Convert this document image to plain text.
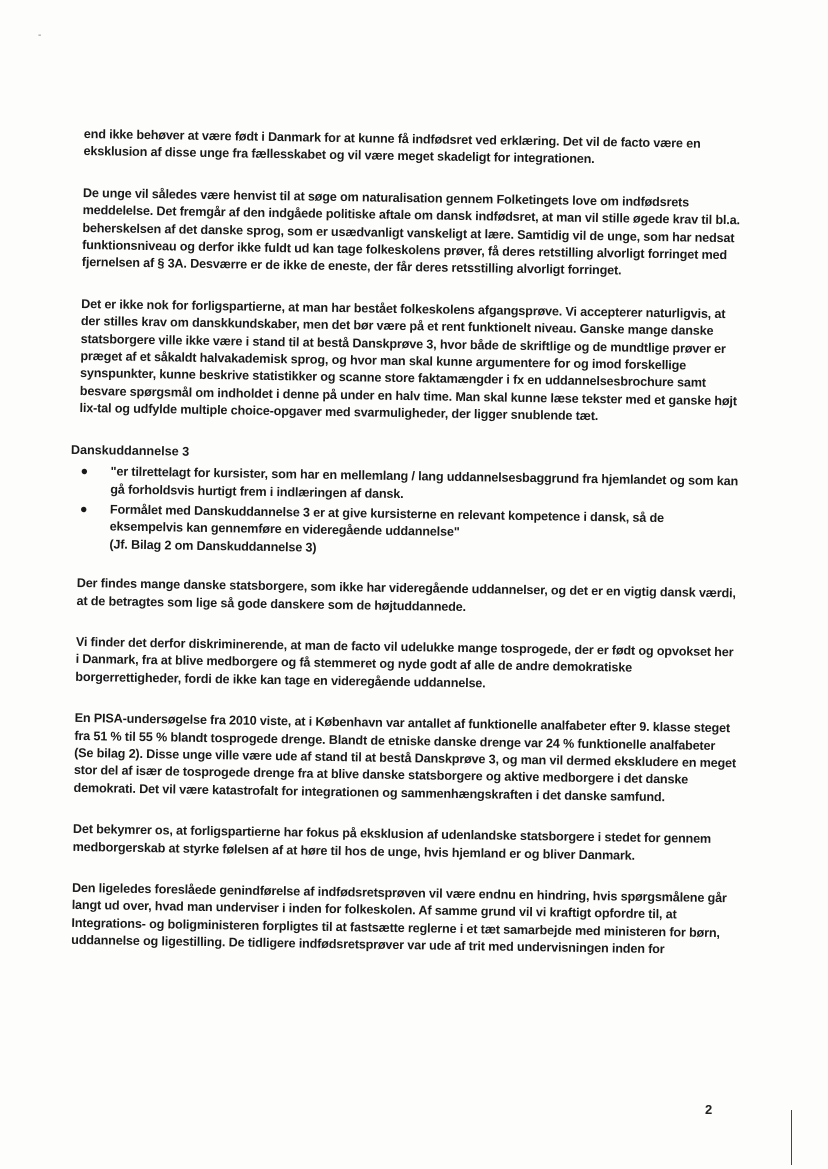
-

end ikke behøver at være født i Danmark for at kunne få indfødsret ved erklæring. Det vil de facto være en eksklusion af disse unge fra fællesskabet og vil være meget skadeligt for integrationen.

De unge vil således være henvist til at søge om naturalisation gennem Folketingets love om indfødsrets meddelelse. Det fremgår af den indgåede politiske aftale om dansk indfødsret, at man vil stille øgede krav til bl.a. beherskelsen af det danske sprog, som er usædvanligt vanskeligt at lære. Samtidig vil de unge, som har nedsat funktionsniveau og derfor ikke fuldt ud kan tage folkeskolens prøver, få deres retstilling alvorligt forringet med fjernelsen af § 3A. Desværre er de ikke de eneste, der får deres retsstilling alvorligt forringet.

Det er ikke nok for forligspartierne, at man har bestået folkeskolens afgangsprøve. Vi accepterer naturligvis, at der stilles krav om danskkundskaber, men det bør være på et rent funktionelt niveau. Ganske mange danske statsborgere ville ikke være i stand til at bestå Danskprøve 3, hvor både de skriftlige og de mundtlige prøver er præget af et såkaldt halvakademisk sprog, og hvor man skal kunne argumentere for og imod forskellige synspunkter, kunne beskrive statistikker og scanne store faktamængder i fx en uddannelsesbrochure samt besvare spørgsmål om indholdet i denne på under en halv time. Man skal kunne læse tekster med et ganske højt lix-tal og udfylde multiple choice-opgaver med svarmuligheder, der ligger snublende tæt.

Danskuddannelse 3
● "er tilrettelagt for kursister, som har en mellemlang / lang uddannelsesbaggrund fra hjemlandet og som kan gå forholdsvis hurtigt frem i indlæringen af dansk.
● Formålet med Danskuddannelse 3 er at give kursisterne en relevant kompetence i dansk, så de eksempelvis kan gennemføre en videregående uddannelse"
(Jf. Bilag 2 om Danskuddannelse 3)

Der findes mange danske statsborgere, som ikke har videregående uddannelser, og det er en vigtig dansk værdi, at de betragtes som lige så gode danskere som de højtuddannede.

Vi finder det derfor diskriminerende, at man de facto vil udelukke mange tosprogede, der er født og opvokset her i Danmark, fra at blive medborgere og få stemmeret og nyde godt af alle de andre demokratiske borgerrettigheder, fordi de ikke kan tage en videregående uddannelse.

En PISA-undersøgelse fra 2010 viste, at i København var antallet af funktionelle analfabeter efter 9. klasse steget fra 51 % til 55 % blandt tosprogede drenge. Blandt de etniske danske drenge var 24 % funktionelle analfabeter (Se bilag 2). Disse unge ville være ude af stand til at bestå Danskprøve 3, og man vil dermed ekskludere en meget stor del af især de tosprogede drenge fra at blive danske statsborgere og aktive medborgere i det danske demokrati. Det vil være katastrofalt for integrationen og sammenhængskraften i det danske samfund.

Det bekymrer os, at forligspartierne har fokus på eksklusion af udenlandske statsborgere i stedet for gennem medborgerskab at styrke følelsen af at høre til hos de unge, hvis hjemland er og bliver Danmark.

Den ligeledes foreslåede genindførelse af indfødsretsprøven vil være endnu en hindring, hvis spørgsmålene går langt ud over, hvad man underviser i inden for folkeskolen. Af samme grund vil vi kraftigt opfordre til, at Integrations- og boligministeren forpligtes til at fastsætte reglerne i et tæt samarbejde med ministeren for børn, uddannelse og ligestilling. De tidligere indfødsretsprøver var ude af trit med undervisningen inden for

2
